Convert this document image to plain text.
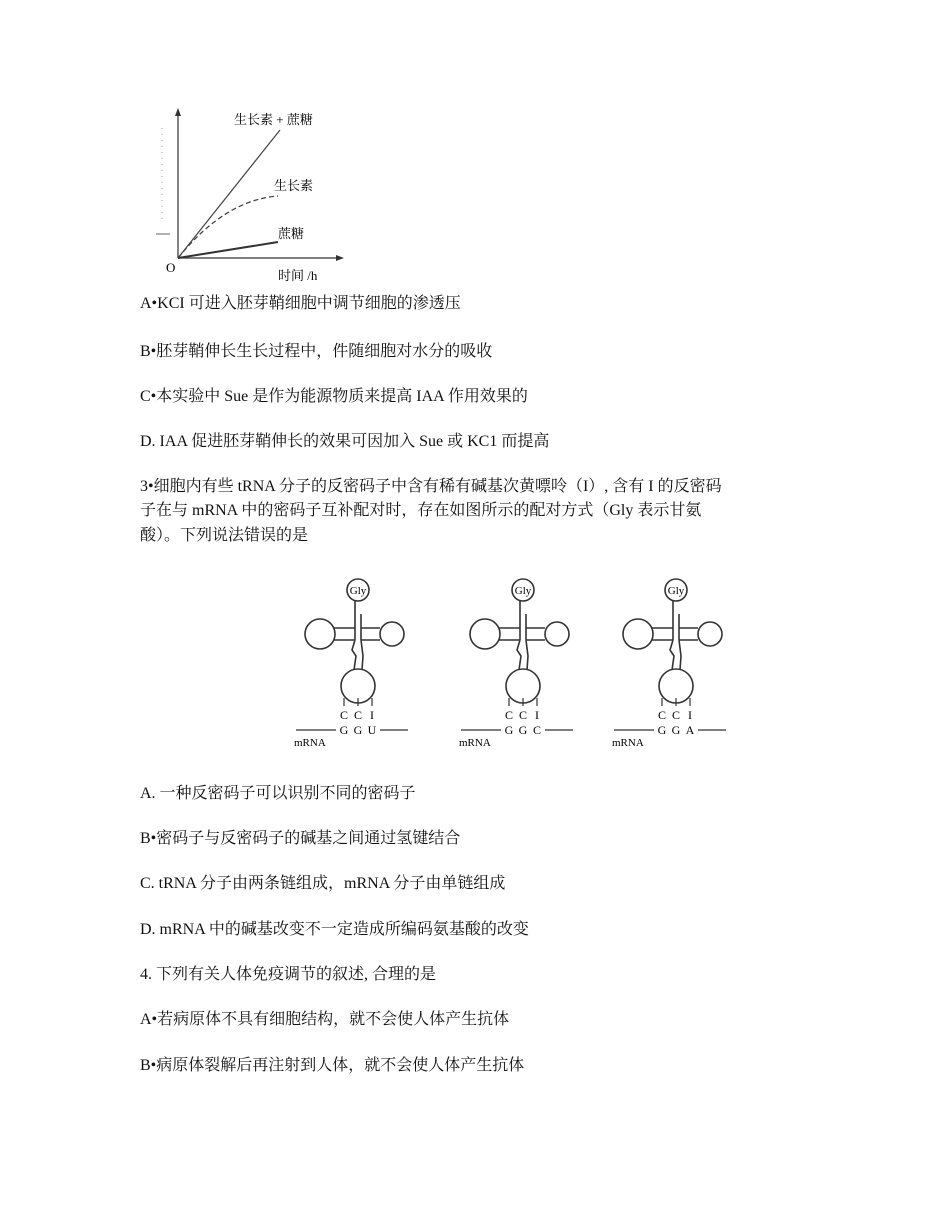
O
时间 /h
生长素 + 蔗糖
生长素
蔗糖
A•KCI 可进入胚芽鞘细胞中调节细胞的渗透压
B•胚芽鞘伸长生长过程中，件随细胞对水分的吸收
C•本实验中 Sue 是作为能源物质来提高 IAA 作用效果的
D. IAA 促进胚芽鞘伸长的效果可因加入 Sue 或 KC1 而提高
3•细胞内有些 tRNA 分子的反密码子中含有稀有碱基次黄嘌呤（I）, 含有 I 的反密码
子在与 mRNA 中的密码子互补配对时，存在如图所示的配对方式（Gly 表示甘氨
酸）。下列说法错误的是
Gly
C
G
C
G
I
U
mRNA
Gly
C
G
C
G
I
C
mRNA
Gly
C
G
C
G
I
A
mRNA
A. 一种反密码子可以识别不同的密码子
B•密码子与反密码子的碱基之间通过氢键结合
C. tRNA 分子由两条链组成，mRNA 分子由单链组成
D. mRNA 中的碱基改变不一定造成所编码氨基酸的改变
4. 下列有关人体免疫调节的叙述, 合理的是
A•若病原体不具有细胞结构，就不会使人体产生抗体
B•病原体裂解后再注射到人体，就不会使人体产生抗体
